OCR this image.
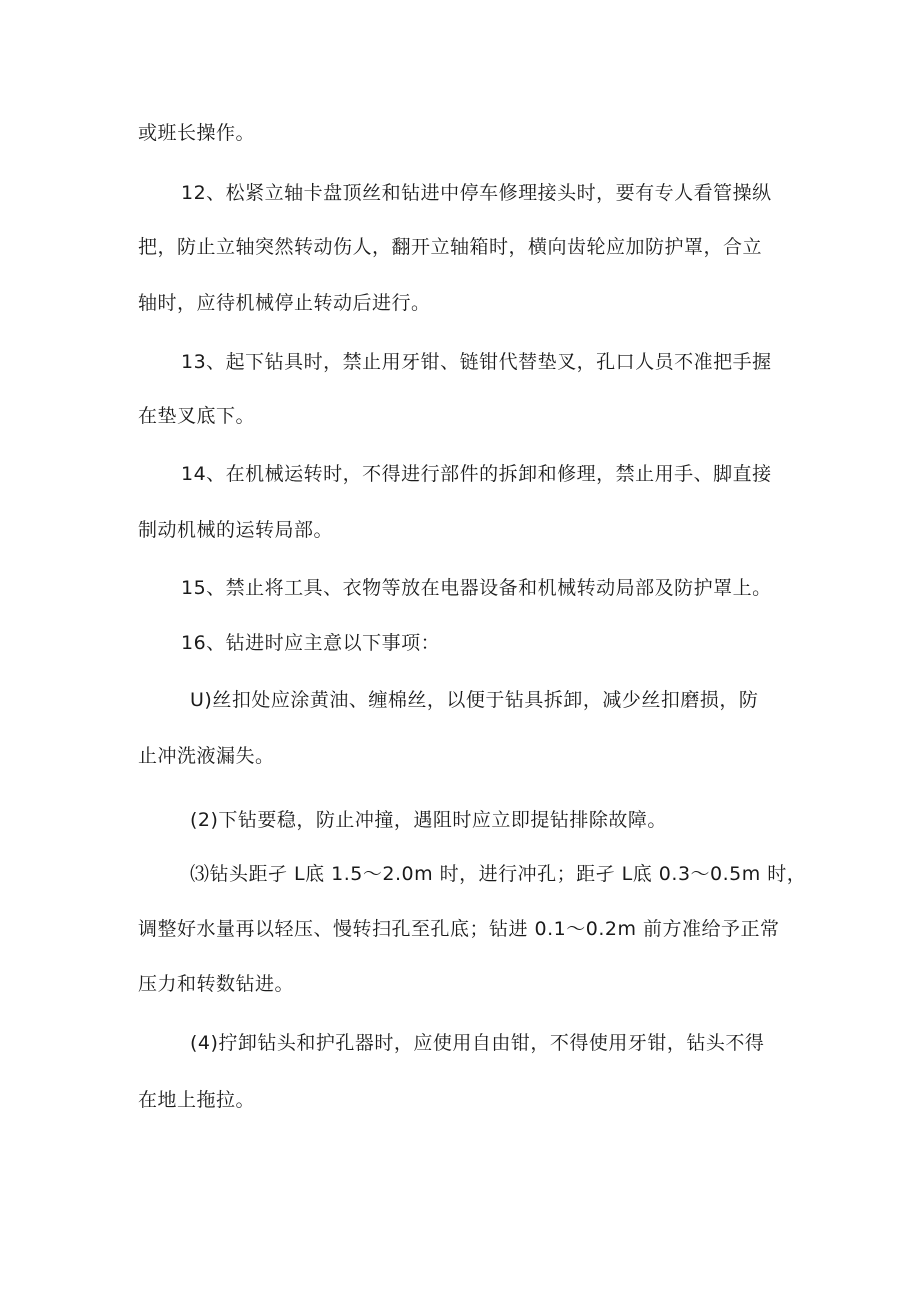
或班长操作。
12、松紧立轴卡盘顶丝和钻进中停车修理接头时，要有专人看管操纵
把，防止立轴突然转动伤人，翻开立轴箱时，横向齿轮应加防护罩，合立
轴时，应待机械停止转动后进行。
13、起下钻具时，禁止用牙钳、链钳代替垫叉，孔口人员不准把手握
在垫叉底下。
14、在机械运转时，不得进行部件的拆卸和修理，禁止用手、脚直接
制动机械的运转局部。
15、禁止将工具、衣物等放在电器设备和机械转动局部及防护罩上。
16、钻进时应主意以下事项：
U)丝扣处应涂黄油、缠棉丝，以便于钻具拆卸，减少丝扣磨损，防
止冲洗液漏失。
(2)下钻要稳，防止冲撞，遇阻时应立即提钻排除故障。
⑶钻头距孑 L底 1.5〜2.0m 时，进行冲孔；距孑 L底 0.3〜0.5m 时，
调整好水量再以轻压、慢转扫孔至孔底；钻进 0.1〜0.2m 前方准给予正常
压力和转数钻进。
(4)拧卸钻头和护孔器时，应使用自由钳，不得使用牙钳，钻头不得
在地上拖拉。
